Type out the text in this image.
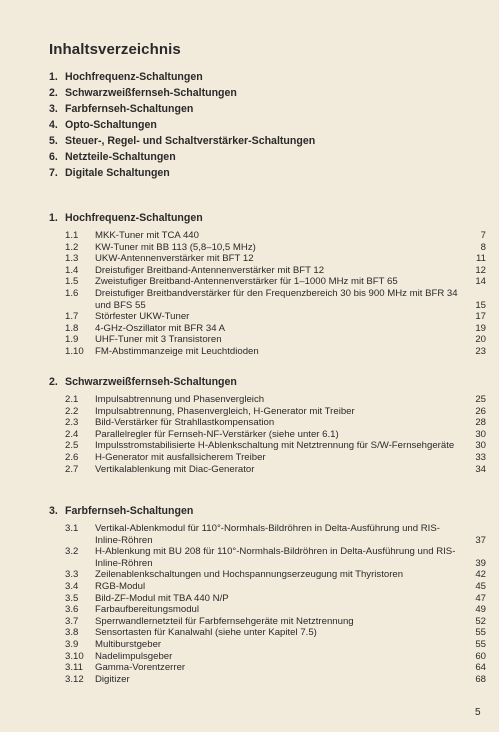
Inhaltsverzeichnis
1. Hochfrequenz-Schaltungen
2. Schwarzweißfernseh-Schaltungen
3. Farbfernseh-Schaltungen
4. Opto-Schaltungen
5. Steuer-, Regel- und Schaltverstärker-Schaltungen
6. Netzteile-Schaltungen
7. Digitale Schaltungen
1. Hochfrequenz-Schaltungen
1.1	MKK-Tuner mit TCA 440	7
1.2	KW-Tuner mit BB 113 (5,8–10,5 MHz)	8
1.3	UKW-Antennenverstärker mit BFT 12	11
1.4	Dreistufiger Breitband-Antennenverstärker mit BFT 12	12
1.5	Zweistufiger Breitband-Antennenverstärker für 1–1000 MHz mit BFT 65	14
1.6	Dreistufiger Breitbandverstärker für den Frequenzbereich 30 bis 900 MHz mit BFR 34 und BFS 55	15
1.7	Störfester UKW-Tuner	17
1.8	4-GHz-Oszillator mit BFR 34 A	19
1.9	UHF-Tuner mit 3 Transistoren	20
1.10	FM-Abstimmanzeige mit Leuchtdioden	23
2. Schwarzweißfernseh-Schaltungen
2.1	Impulsabtrennung und Phasenvergleich	25
2.2	Impulsabtrennung, Phasenvergleich, H-Generator mit Treiber	26
2.3	Bild-Verstärker für Strahllastkompensation	28
2.4	Parallelregler für Fernseh-NF-Verstärker (siehe unter 6.1)	30
2.5	Impulsstromstabilisierte H-Ablenkschaltung mit Netztrennung für S/W-Fernsehgeräte	30
2.6	H-Generator mit ausfallsicherem Treiber	33
2.7	Vertikalablenkung mit Diac-Generator	34
3. Farbfernseh-Schaltungen
3.1	Vertikal-Ablenkmodul für 110°-Normhals-Bildröhren in Delta-Ausführung und RIS-Inline-Röhren	37
3.2	H-Ablenkung mit BU 208 für 110°-Normhals-Bildröhren in Delta-Ausführung und RIS-Inline-Röhren	39
3.3	Zeilenablenkschaltungen und Hochspannungserzeugung mit Thyristoren	42
3.4	RGB-Modul	45
3.5	Bild-ZF-Modul mit TBA 440 N/P	47
3.6	Farbaufbereitungsmodul	49
3.7	Sperrwandlernetzteil für Farbfernsehgeräte mit Netztrennung	52
3.8	Sensortasten für Kanalwahl (siehe unter Kapitel 7.5)	55
3.9	Multiburstgeber	55
3.10	Nadelimpulsgeber	60
3.11	Gamma-Vorentzerrer	64
3.12	Digitizer	68
5
